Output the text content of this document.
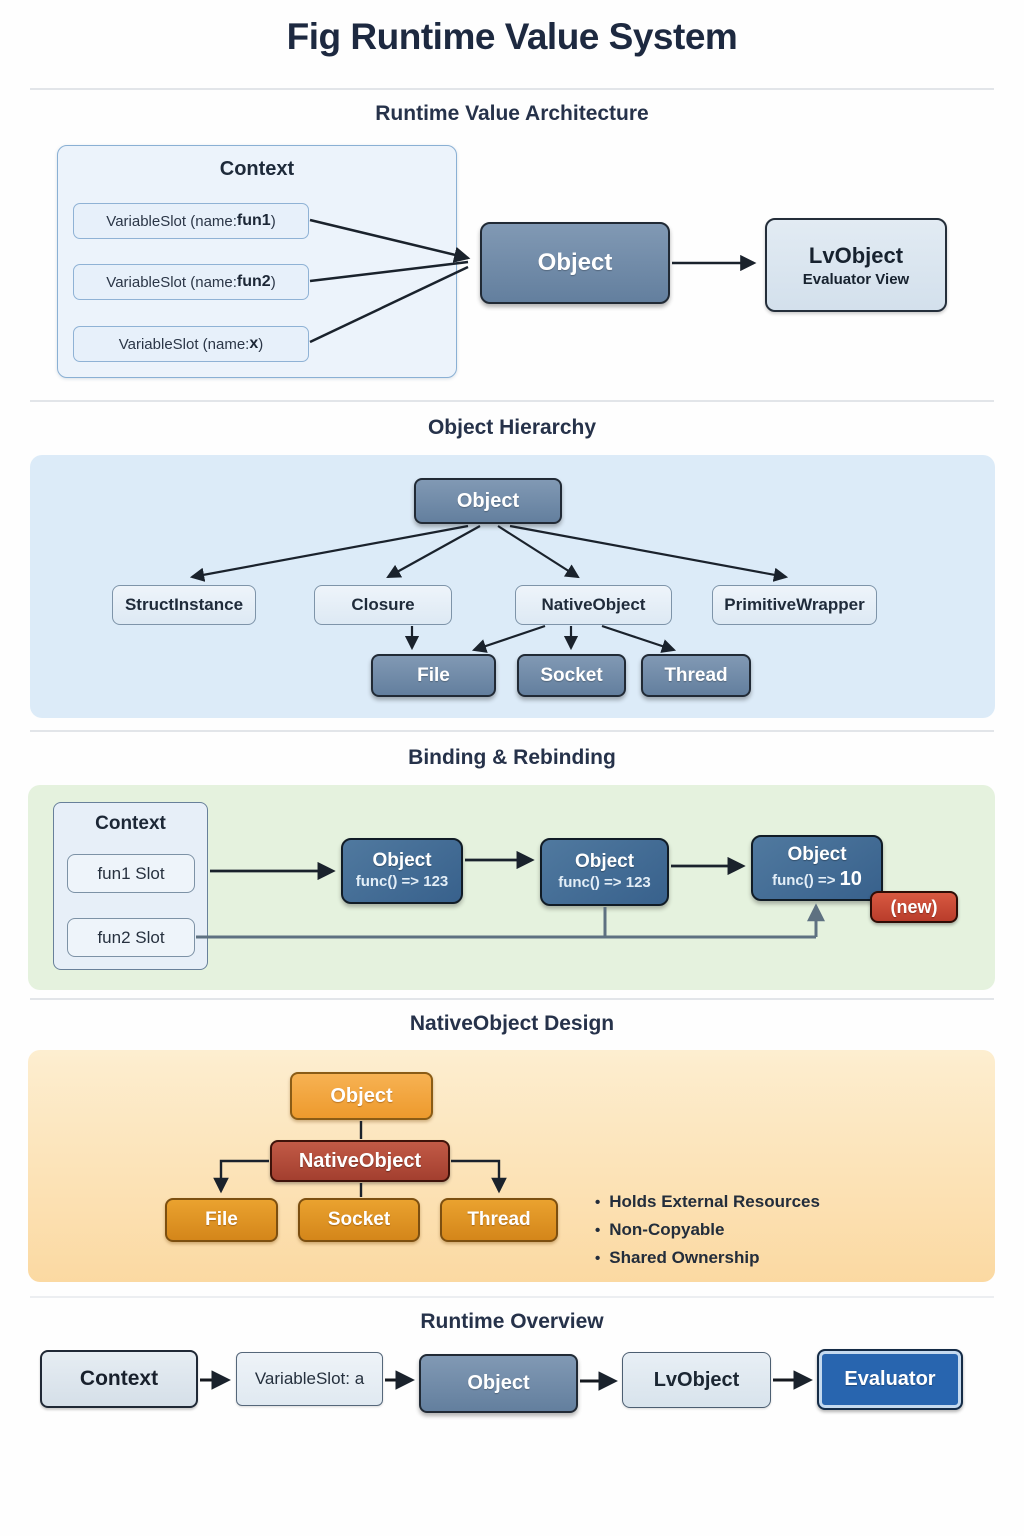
Fig Runtime Value System
Runtime Value Architecture
Context
VariableSlot (name: fun1 )
VariableSlot (name: fun2 )
VariableSlot (name: x )
Object	LvObject
Evaluator View
Object Hierarchy
Object
StructInstance	Closure	NativeObject	PrimitiveWrapper
File	Socket	Thread
Binding & Rebinding
Context
fun1 Slot
fun2 Slot
Object
func() => 123
Object
func() => 123
Object
func() => 10
(new)
NativeObject Design
Object
NativeObject
File	Socket	Thread
• Holds External Resources
• Non-Copyable
• Shared Ownership
Runtime Overview
Context	VariableSlot: a	Object	LvObject	Evaluator
